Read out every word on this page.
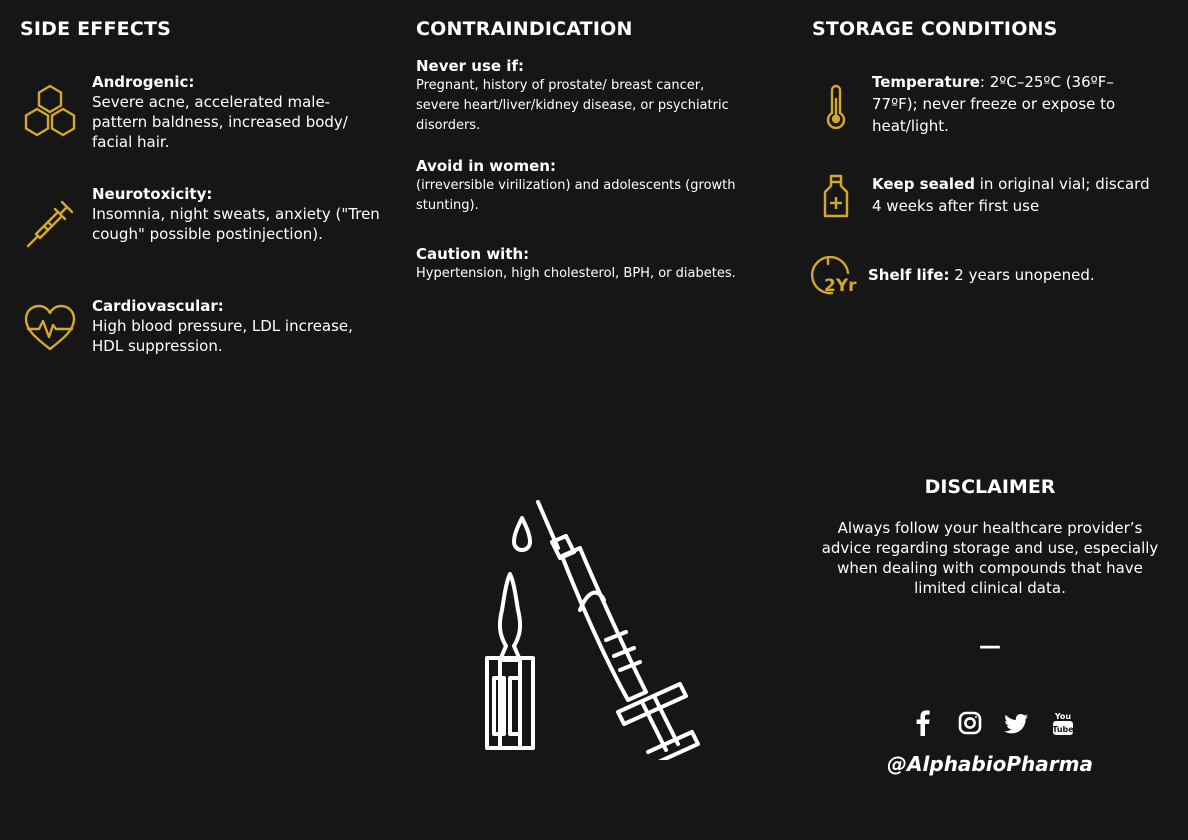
SIDE EFFECTS
Androgenic:
Severe acne, accelerated male-pattern baldness, increased body/ facial hair.
Neurotoxicity:
Insomnia, night sweats, anxiety ("Tren cough" possible postinjection).
Cardiovascular:
High blood pressure, LDL increase, HDL suppression.
CONTRAINDICATION
Never use if:
Pregnant, history of prostate/ breast cancer, severe heart/liver/kidney disease, or psychiatric disorders.
Avoid in women:
(irreversible virilization) and adolescents (growth stunting).
Caution with:
Hypertension, high cholesterol, BPH, or diabetes.
STORAGE CONDITIONS
Temperature: 2ºC–25ºC (36ºF–77ºF); never freeze or expose to heat/light.
Keep sealed in original vial; discard 4 weeks after first use
2Yr
Shelf life: 2 years unopened.
DISCLAIMER
Always follow your healthcare provider’s advice regarding storage and use, especially when dealing with compounds that have limited clinical data.
—
You
Tube
@AlphabioPharma
